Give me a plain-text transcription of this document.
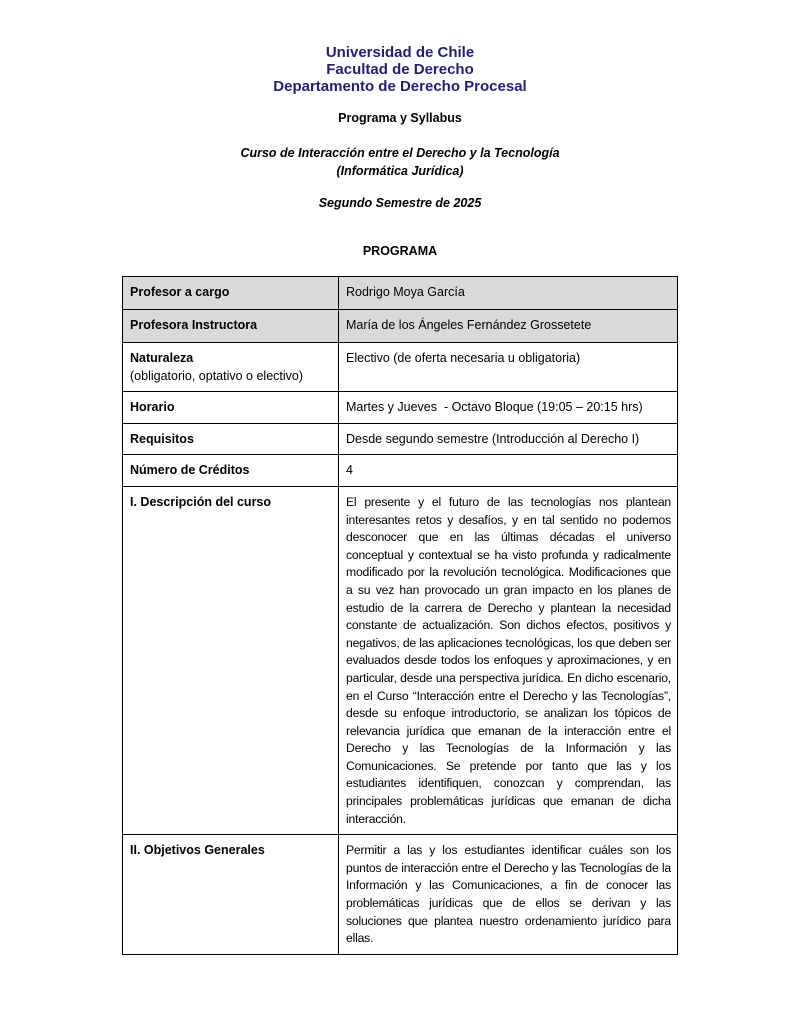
Universidad de Chile
Facultad de Derecho
Departamento de Derecho Procesal
Programa y Syllabus
Curso de Interacción entre el Derecho y la Tecnología
(Informática Jurídica)
Segundo Semestre de 2025
PROGRAMA
Profesor a cargo	Rodrigo Moya García
Profesora Instructora	María de los Ángeles Fernández Grossetete

Naturaleza
(obligatorio, optativo o electivo)	Electivo (de oferta necesaria u obligatoria)
Horario	Martes y Jueves  - Octavo Bloque (19:05 – 20:15 hrs)
Requisitos	Desde segundo semestre (Introducción al Derecho I)
Número de Créditos	4
I. Descripción del curso	El presente y el futuro de las tecnologías nos plantean interesantes retos y desafíos, y en tal sentido no podemos desconocer que en las últimas décadas el universo conceptual y contextual se ha visto profunda y radicalmente modificado por la revolución tecnológica. Modificaciones que a su vez han provocado un gran impacto en los planes de estudio de la carrera de Derecho y plantean la necesidad constante de actualización. Son dichos efectos, positivos y negativos, de las aplicaciones tecnológicas, los que deben ser evaluados desde todos los enfoques y aproximaciones, y en particular, desde una perspectiva jurídica. En dicho escenario, en el Curso “Interacción entre el Derecho y las Tecnologías”, desde su enfoque introductorio, se analizan los tópicos de relevancia jurídica que emanan de la interacción entre el Derecho y las Tecnologías de la Información y las Comunicaciones. Se pretende por tanto que las y los estudiantes identifiquen, conozcan y comprendan, las principales problemáticas jurídicas que emanan de dicha interacción.
II. Objetivos Generales	Permitir a las y los estudiantes identificar cuáles son los puntos de interacción entre el Derecho y las Tecnologías de la Información y las Comunicaciones, a fin de conocer las problemáticas jurídicas que de ellos se derivan y las soluciones que plantea nuestro ordenamiento jurídico para ellas.
